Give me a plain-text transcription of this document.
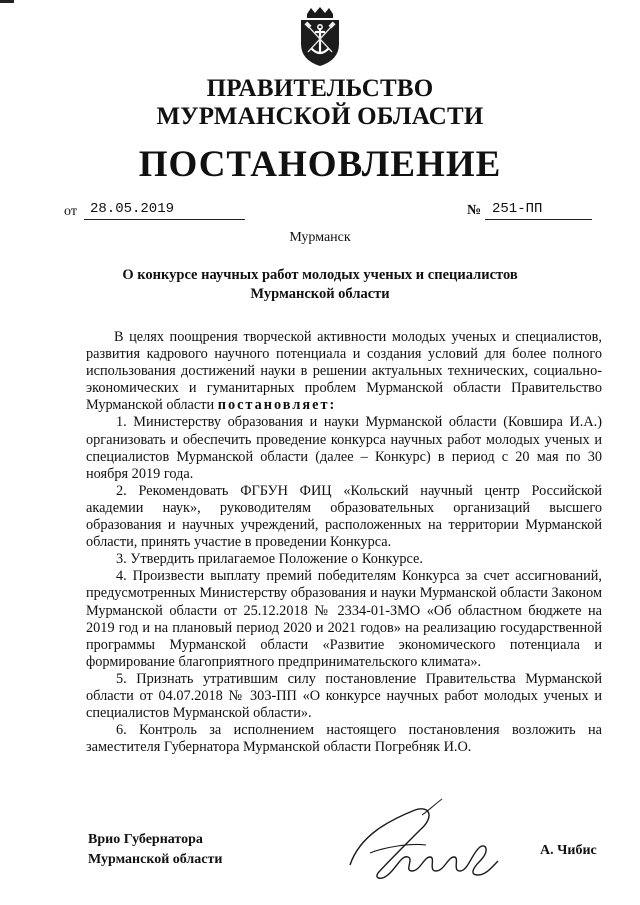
ПРАВИТЕЛЬСТВО
МУРМАНСКОЙ ОБЛАСТИ
ПОСТАНОВЛЕНИЕ
от 28.05.2019	№ 251-ПП
Мурманск
О конкурсе научных работ молодых ученых и специалистов
Мурманской области

В целях поощрения творческой активности молодых ученых и специалистов, развития кадрового научного потенциала и создания условий для более полного использования достижений науки в решении актуальных технических, социально-экономических и гуманитарных проблем Мурманской области Правительство Мурманской области постановляет:

1. Министерству образования и науки Мурманской области (Ковшира И.А.) организовать и обеспечить проведение конкурса научных работ молодых ученых и специалистов Мурманской области (далее – Конкурс) в период с 20 мая по 30 ноября 2019 года.

2. Рекомендовать ФГБУН ФИЦ «Кольский научный центр Российской академии наук», руководителям образовательных организаций высшего образования и научных учреждений, расположенных на территории Мурманской области, принять участие в проведении Конкурса.

3. Утвердить прилагаемое Положение о Конкурсе.

4. Произвести выплату премий победителям Конкурса за счет ассигнований, предусмотренных Министерству образования и науки Мурманской области Законом Мурманской области от 25.12.2018 № 2334-01-ЗМО «Об областном бюджете на 2019 год и на плановый период 2020 и 2021 годов» на реализацию государственной программы Мурманской области «Развитие экономического потенциала и формирование благоприятного предпринимательского климата».

5. Признать утратившим силу постановление Правительства Мурманской области от 04.07.2018 № 303-ПП «О конкурсе научных работ молодых ученых и специалистов Мурманской области».

6. Контроль за исполнением настоящего постановления возложить на заместителя Губернатора Мурманской области Погребняк И.О.

Врио Губернатора
Мурманской области
А. Чибис
